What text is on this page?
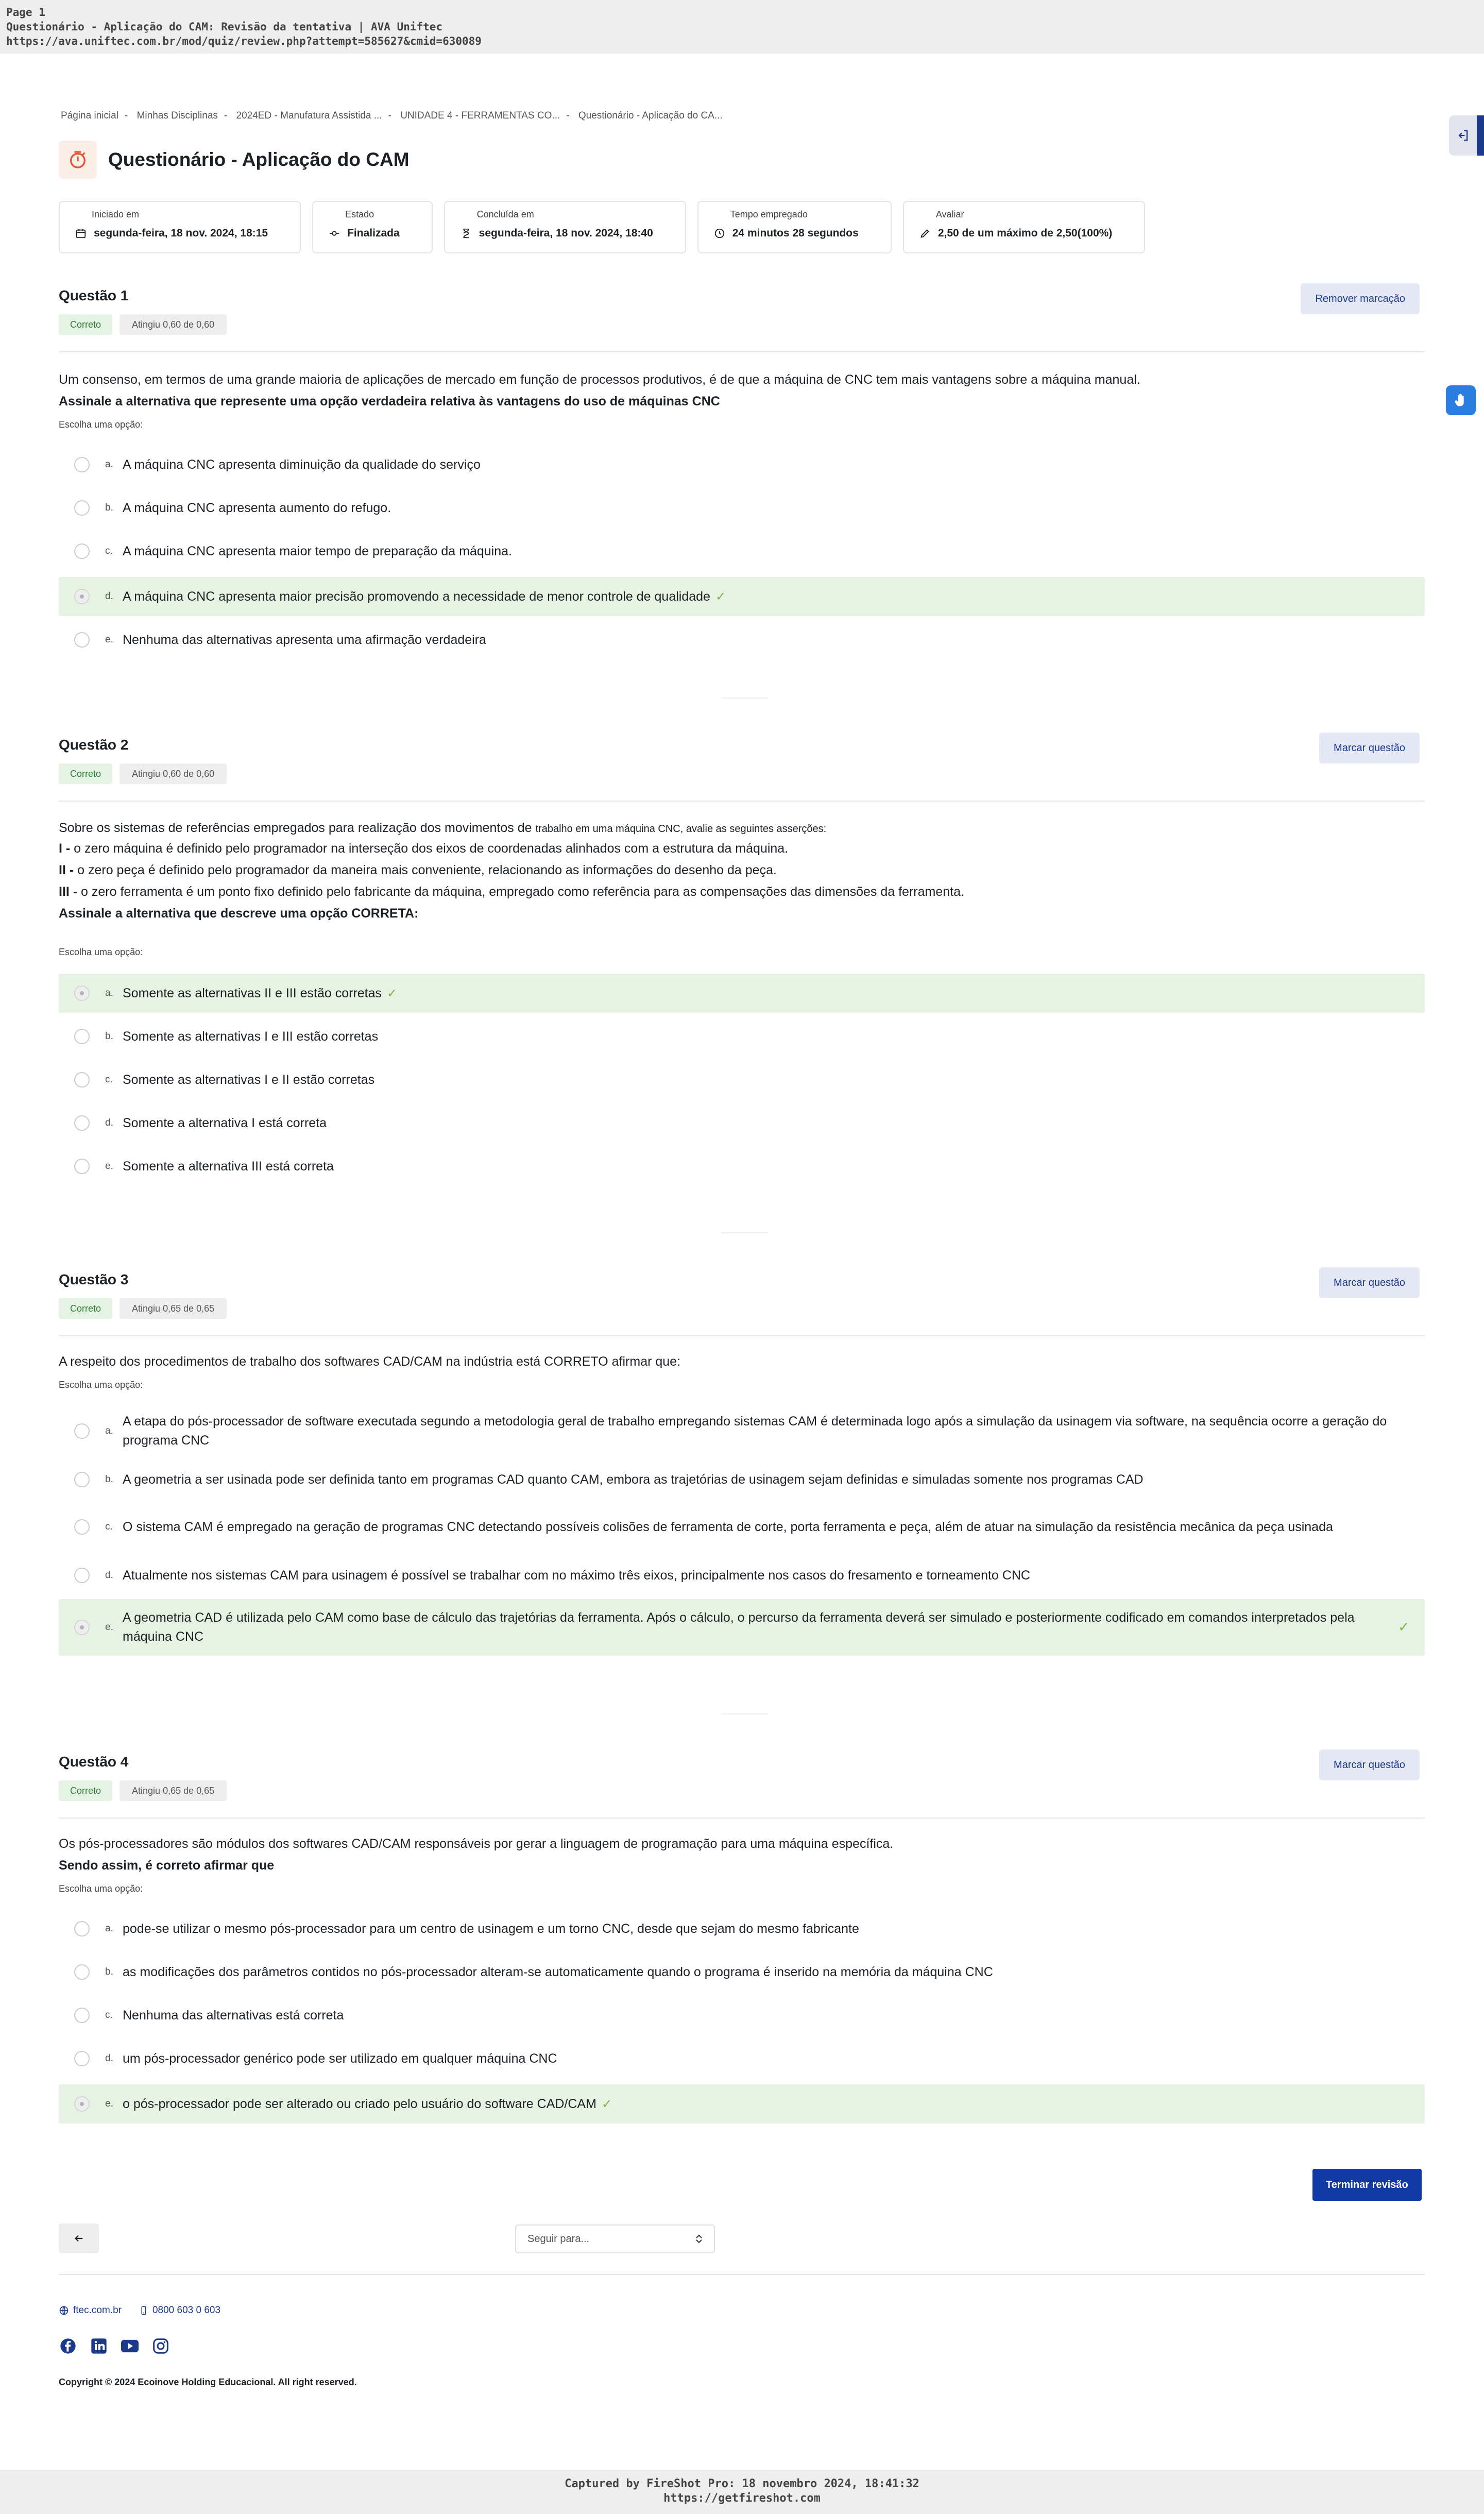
Page 1
Questionário - Aplicação do CAM: Revisão da tentativa | AVA Uniftec
https://ava.uniftec.com.br/mod/quiz/review.php?attempt=585627&cmid=630089
Página inicial - Minhas Disciplinas - 2024ED - Manufatura Assistida ... - UNIDADE 4 - FERRAMENTAS CO... - Questionário - Aplicação do CA...
Questionário - Aplicação do CAM
Iniciado em
segunda-feira, 18 nov. 2024, 18:15
Estado
Finalizada
Concluída em
segunda-feira, 18 nov. 2024, 18:40
Tempo empregado
24 minutos 28 segundos
Avaliar
2,50 de um máximo de 2,50(100%)
Questão 1	Remover marcação
Correto	Atingiu 0,60 de 0,60
Um consenso, em termos de uma grande maioria de aplicações de mercado em função de processos produtivos, é de que a máquina de CNC tem mais vantagens sobre a máquina manual.
Assinale a alternativa que represente uma opção verdadeira relativa às vantagens do uso de máquinas CNC
Escolha uma opção:
a. A máquina CNC apresenta diminuição da qualidade do serviço
b. A máquina CNC apresenta aumento do refugo.
c. A máquina CNC apresenta maior tempo de preparação da máquina.
d. A máquina CNC apresenta maior precisão promovendo a necessidade de menor controle de qualidade ✓
e. Nenhuma das alternativas apresenta uma afirmação verdadeira
Questão 2	Marcar questão
Correto	Atingiu 0,60 de 0,60
Sobre os sistemas de referências empregados para realização dos movimentos de trabalho em uma máquina CNC, avalie as seguintes asserções:
I - o zero máquina é definido pelo programador na interseção dos eixos de coordenadas alinhados com a estrutura da máquina.
II - o zero peça é definido pelo programador da maneira mais conveniente, relacionando as informações do desenho da peça.
III - o zero ferramenta é um ponto fixo definido pelo fabricante da máquina, empregado como referência para as compensações das dimensões da ferramenta.
Assinale a alternativa que descreve uma opção CORRETA:
Escolha uma opção:
a. Somente as alternativas II e III estão corretas ✓
b. Somente as alternativas I e III estão corretas
c. Somente as alternativas I e II estão corretas
d. Somente a alternativa I está correta
e. Somente a alternativa III está correta
Questão 3	Marcar questão
Correto	Atingiu 0,65 de 0,65
A respeito dos procedimentos de trabalho dos softwares CAD/CAM na indústria está CORRETO afirmar que:
Escolha uma opção:
a.
A etapa do pós-processador de software executada segundo a metodologia geral de trabalho empregando sistemas CAM é determinada logo após a simulação da usinagem via software, na sequência ocorre a geração do programa CNC
b. A geometria a ser usinada pode ser definida tanto em programas CAD quanto CAM, embora as trajetórias de usinagem sejam definidas e simuladas somente nos programas CAD
c. O sistema CAM é empregado na geração de programas CNC detectando possíveis colisões de ferramenta de corte, porta ferramenta e peça, além de atuar na simulação da resistência mecânica da peça usinada
d. Atualmente nos sistemas CAM para usinagem é possível se trabalhar com no máximo três eixos, principalmente nos casos do fresamento e torneamento CNC
e.
A geometria CAD é utilizada pelo CAM como base de cálculo das trajetórias da ferramenta. Após o cálculo, o percurso da ferramenta deverá ser simulado e posteriormente codificado em comandos interpretados pela máquina CNC
✓
Questão 4	Marcar questão
Correto	Atingiu 0,65 de 0,65
Os pós-processadores são módulos dos softwares CAD/CAM responsáveis por gerar a linguagem de programação para uma máquina específica.
Sendo assim, é correto afirmar que
Escolha uma opção:
a. pode-se utilizar o mesmo pós-processador para um centro de usinagem e um torno CNC, desde que sejam do mesmo fabricante
b. as modificações dos parâmetros contidos no pós-processador alteram-se automaticamente quando o programa é inserido na memória da máquina CNC
c. Nenhuma das alternativas está correta
d. um pós-processador genérico pode ser utilizado em qualquer máquina CNC
e. o pós-processador pode ser alterado ou criado pelo usuário do software CAD/CAM ✓
Terminar revisão
Seguir para...
ftec.com.br	0800 603 0 603
Copyright © 2024 Ecoinove Holding Educacional. All right reserved.
Captured by FireShot Pro: 18 novembro 2024, 18:41:32
https://getfireshot.com
